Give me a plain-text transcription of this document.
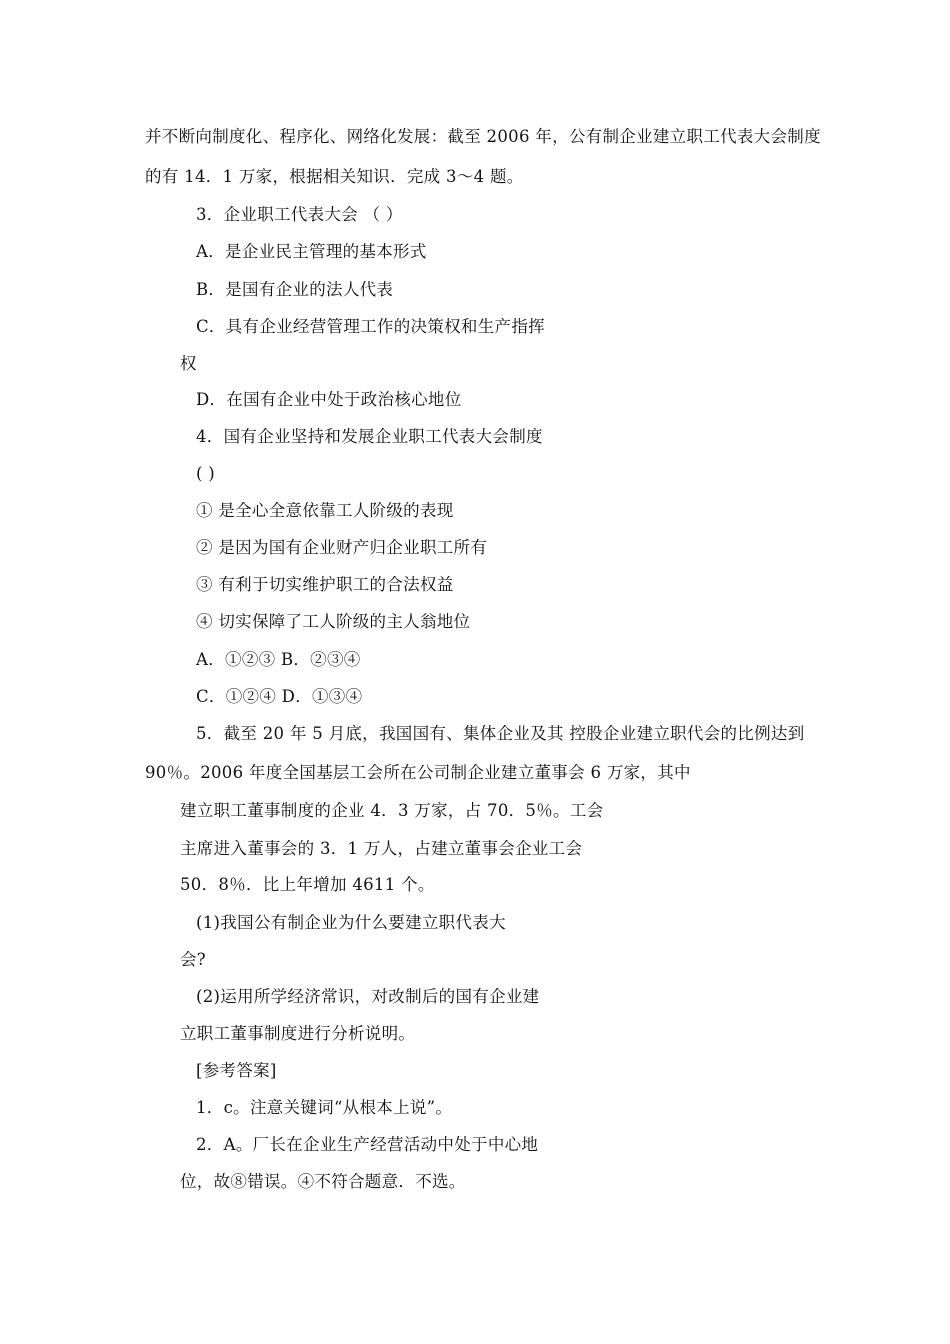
并不断向制度化、程序化、网络化发展：截至 2006 年，公有制企业建立职工代表大会制度
的有 14．1 万家，根据相关知识．完成 3～4 题。
3．企业职工代表大会 （ ）
A．是企业民主管理的基本形式
B．是国有企业的法人代表
C．具有企业经营管理工作的决策权和生产指挥
权
D．在国有企业中处于政治核心地位
4．国有企业坚持和发展企业职工代表大会制度
( )
① 是全心全意依靠工人阶级的表现
② 是因为国有企业财产归企业职工所有
③ 有利于切实维护职工的合法权益
④ 切实保障了工人阶级的主人翁地位
A．①②③ B．②③④
C．①②④ D．①③④
5．截至 20 年 5 月底，我国国有、集体企业及其 控股企业建立职代会的比例达到
90％。2006 年度全国基层工会所在公司制企业建立董事会 6 万家，其中
建立职工董事制度的企业 4．3 万家，占 70．5％。工会
主席进入董事会的 3．1 万人，占建立董事会企业工会
50．8％．比上年增加 4611 个。
(1)我国公有制企业为什么要建立职代表大
会?
(2)运用所学经济常识，对改制后的国有企业建
立职工董事制度进行分析说明。
[参考答案]
1．c。注意关键词“从根本上说”。
2．A。厂长在企业生产经营活动中处于中心地
位，故⑧错误。④不符合题意．不选。
